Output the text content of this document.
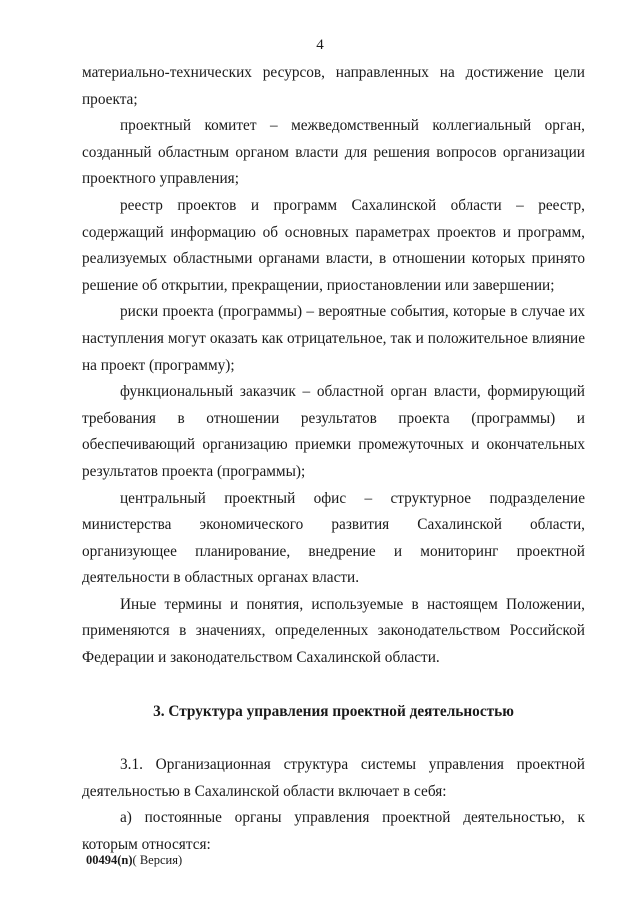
4

материально-технических ресурсов, направленных на достижение цели проекта;

проектный комитет – межведомственный коллегиальный орган, созданный областным органом власти для решения вопросов организации проектного управления;

реестр проектов и программ Сахалинской области – реестр, содержащий информацию об основных параметрах проектов и программ, реализуемых областными органами власти, в отношении которых принято решение об открытии, прекращении, приостановлении или завершении;

риски проекта (программы) – вероятные события, которые в случае их наступления могут оказать как отрицательное, так и положительное влияние на проект (программу);

функциональный заказчик – областной орган власти, формирующий требования в отношении результатов проекта (программы) и обеспечивающий организацию приемки промежуточных и окончательных результатов проекта (программы);

центральный проектный офис – структурное подразделение министерства экономического развития Сахалинской области, организующее планирование, внедрение и мониторинг проектной деятельности в областных органах власти.

Иные термины и понятия, используемые в настоящем Положении, применяются в значениях, определенных законодательством Российской Федерации и законодательством Сахалинской области.

3. Структура управления проектной деятельностью

3.1. Организационная структура системы управления проектной деятельностью в Сахалинской области включает в себя:

а) постоянные органы управления проектной деятельностью, к которым относятся:

00494(n)( Версия)
